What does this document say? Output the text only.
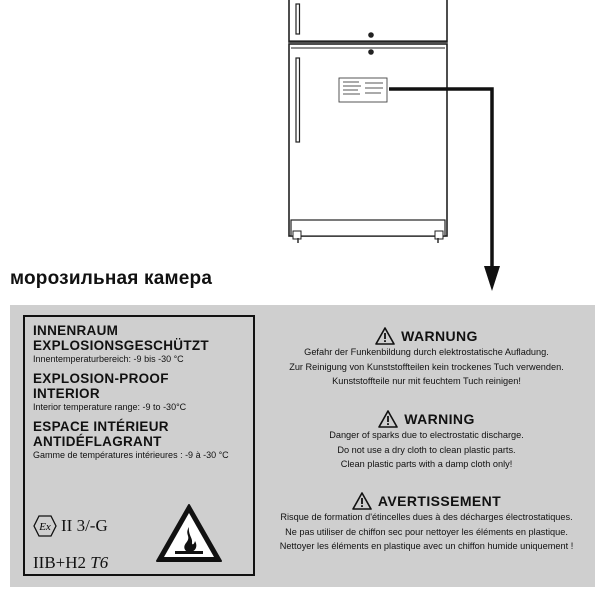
морозильная камера
INNENRAUM
EXPLOSIONSGESCHÜTZT
Innentemperaturbereich: -9 bis -30 °C
EXPLOSION-PROOF
INTERIOR
Interior temperature range: -9 to -30°C
ESPACE INTÉRIEUR
ANTIDÉFLAGRANT
Gamme de températures intérieures : -9 à -30 °C
Ex II 3/-G
IIB+H2 T6
WARNUNG
Gefahr der Funkenbildung durch elektrostatische Aufladung.
Zur Reinigung von Kunststoffteilen kein trockenes Tuch verwenden.
Kunststoffteile nur mit feuchtem Tuch reinigen!
WARNING
Danger of sparks due to electrostatic discharge.
Do not use a dry cloth to clean plastic parts.
Clean plastic parts with a damp cloth only!
AVERTISSEMENT
Risque de formation d'étincelles dues à des décharges électrostatiques.
Ne pas utiliser de chiffon sec pour nettoyer les éléments en plastique.
Nettoyer les éléments en plastique avec un chiffon humide uniquement !
